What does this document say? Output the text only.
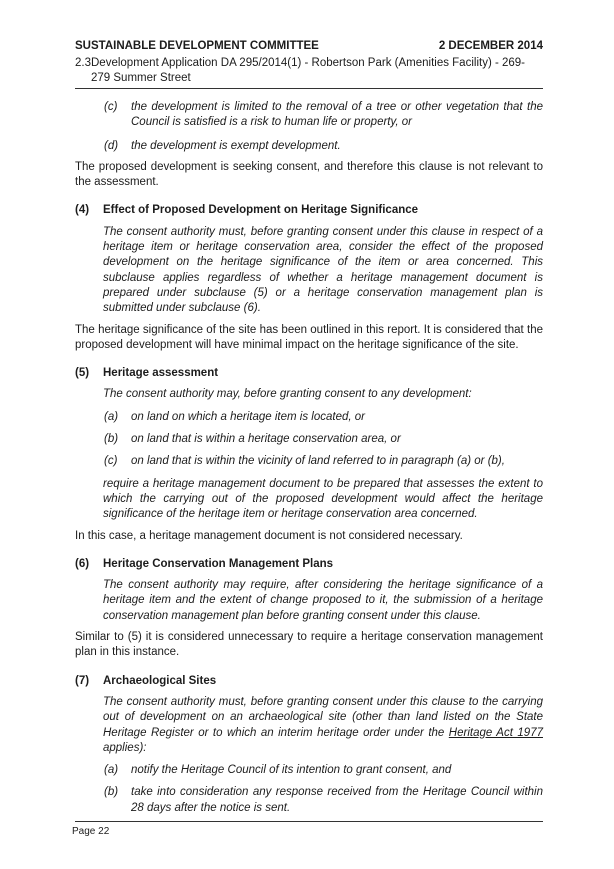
SUSTAINABLE DEVELOPMENT COMMITTEE	2 DECEMBER 2014
2.3 Development Application DA 295/2014(1) - Robertson Park (Amenities Facility) - 269-
279 Summer Street

(c) the development is limited to the removal of a tree or other vegetation that the Council is satisfied is a risk to human life or property, or

(d) the development is exempt development.

The proposed development is seeking consent, and therefore this clause is not relevant to the assessment.

(4) Effect of Proposed Development on Heritage Significance

The consent authority must, before granting consent under this clause in respect of a heritage item or heritage conservation area, consider the effect of the proposed development on the heritage significance of the item or area concerned. This subclause applies regardless of whether a heritage management document is prepared under subclause (5) or a heritage conservation management plan is submitted under subclause (6).

The heritage significance of the site has been outlined in this report. It is considered that the proposed development will have minimal impact on the heritage significance of the site.

(5) Heritage assessment

The consent authority may, before granting consent to any development:

(a) on land on which a heritage item is located, or

(b) on land that is within a heritage conservation area, or

(c) on land that is within the vicinity of land referred to in paragraph (a) or (b),

require a heritage management document to be prepared that assesses the extent to which the carrying out of the proposed development would affect the heritage significance of the heritage item or heritage conservation area concerned.

In this case, a heritage management document is not considered necessary.

(6) Heritage Conservation Management Plans

The consent authority may require, after considering the heritage significance of a heritage item and the extent of change proposed to it, the submission of a heritage conservation management plan before granting consent under this clause.

Similar to (5) it is considered unnecessary to require a heritage conservation management plan in this instance.

(7) Archaeological Sites

The consent authority must, before granting consent under this clause to the carrying out of development on an archaeological site (other than land listed on the State Heritage Register or to which an interim heritage order under the Heritage Act 1977 applies):

(a) notify the Heritage Council of its intention to grant consent, and

(b) take into consideration any response received from the Heritage Council within 28 days after the notice is sent.

Page 22
